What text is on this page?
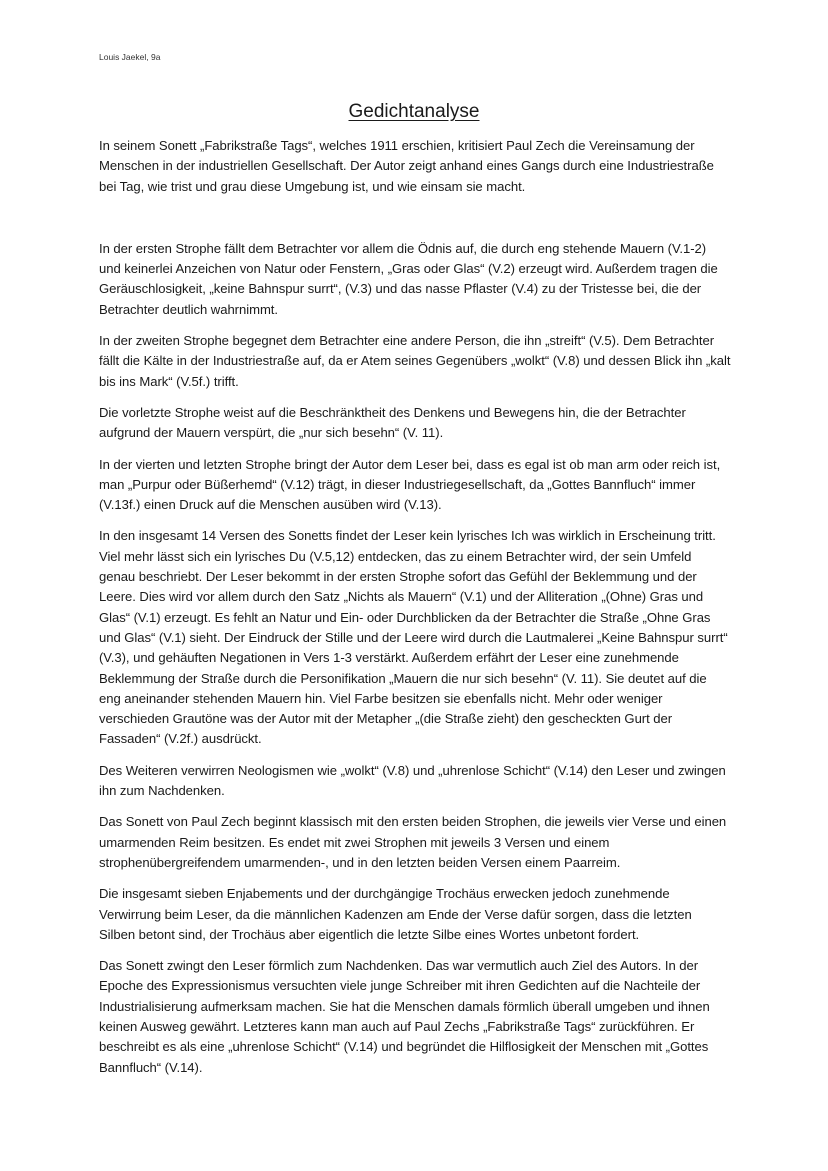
Louis Jaekel, 9a
Gedichtanalyse

In seinem Sonett „Fabrikstraße Tags“, welches 1911 erschien, kritisiert Paul Zech die Vereinsamung der Menschen in der industriellen Gesellschaft. Der Autor zeigt anhand eines Gangs durch eine Industriestraße bei Tag, wie trist und grau diese Umgebung ist, und wie einsam sie macht.

In der ersten Strophe fällt dem Betrachter vor allem die Ödnis auf, die durch eng stehende Mauern (V.1-2) und keinerlei Anzeichen von Natur oder Fenstern, „Gras oder Glas“ (V.2) erzeugt wird. Außerdem tragen die Geräuschlosigkeit, „keine Bahnspur surrt“, (V.3) und das nasse Pflaster (V.4) zu der Tristesse bei, die der Betrachter deutlich wahrnimmt.

In der zweiten Strophe begegnet dem Betrachter eine andere Person, die ihn „streift“ (V.5). Dem Betrachter fällt die Kälte in der Industriestraße auf, da er Atem seines Gegenübers „wolkt“ (V.8) und dessen Blick ihn „kalt bis ins Mark“ (V.5f.) trifft.

Die vorletzte Strophe weist auf die Beschränktheit des Denkens und Bewegens hin, die der Betrachter aufgrund der Mauern verspürt, die „nur sich besehn“ (V. 11).

In der vierten und letzten Strophe bringt der Autor dem Leser bei, dass es egal ist ob man arm oder reich ist, man „Purpur oder Büßerhemd“ (V.12) trägt, in dieser Industriegesellschaft, da „Gottes Bannfluch“ immer (V.13f.) einen Druck auf die Menschen ausüben wird (V.13).

In den insgesamt 14 Versen des Sonetts findet der Leser kein lyrisches Ich was wirklich in Erscheinung tritt. Viel mehr lässt sich ein lyrisches Du (V.5,12) entdecken, das zu einem Betrachter wird, der sein Umfeld genau beschriebt. Der Leser bekommt in der ersten Strophe sofort das Gefühl der Beklemmung und der Leere. Dies wird vor allem durch den Satz „Nichts als Mauern“ (V.1) und der Alliteration „(Ohne) Gras und Glas“ (V.1) erzeugt. Es fehlt an Natur und Ein- oder Durchblicken da der Betrachter die Straße „Ohne Gras und Glas“ (V.1) sieht. Der Eindruck der Stille und der Leere wird durch die Lautmalerei „Keine Bahnspur surrt“ (V.3), und gehäuften Negationen in Vers 1-3 verstärkt. Außerdem erfährt der Leser eine zunehmende Beklemmung der Straße durch die Personifikation „Mauern die nur sich besehn“ (V. 11). Sie deutet auf die eng aneinander stehenden Mauern hin. Viel Farbe besitzen sie ebenfalls nicht. Mehr oder weniger verschieden Grautöne was der Autor mit der Metapher „(die Straße zieht) den gescheckten Gurt der Fassaden“ (V.2f.) ausdrückt.

Des Weiteren verwirren Neologismen wie „wolkt“ (V.8) und „uhrenlose Schicht“ (V.14) den Leser und zwingen ihn zum Nachdenken.

Das Sonett von Paul Zech beginnt klassisch mit den ersten beiden Strophen, die jeweils vier Verse und einen umarmenden Reim besitzen. Es endet mit zwei Strophen mit jeweils 3 Versen und einem strophenübergreifendem umarmenden-, und in den letzten beiden Versen einem Paarreim.

Die insgesamt sieben Enjabements und der durchgängige Trochäus erwecken jedoch zunehmende Verwirrung beim Leser, da die männlichen Kadenzen am Ende der Verse dafür sorgen, dass die letzten Silben betont sind, der Trochäus aber eigentlich die letzte Silbe eines Wortes unbetont fordert.

Das Sonett zwingt den Leser förmlich zum Nachdenken. Das war vermutlich auch Ziel des Autors. In der Epoche des Expressionismus versuchten viele junge Schreiber mit ihren Gedichten auf die Nachteile der Industrialisierung aufmerksam machen. Sie hat die Menschen damals förmlich überall umgeben und ihnen keinen Ausweg gewährt. Letzteres kann man auch auf Paul Zechs „Fabrikstraße Tags“ zurückführen. Er beschreibt es als eine „uhrenlose Schicht“ (V.14) und begründet die Hilflosigkeit der Menschen mit „Gottes Bannfluch“ (V.14).
